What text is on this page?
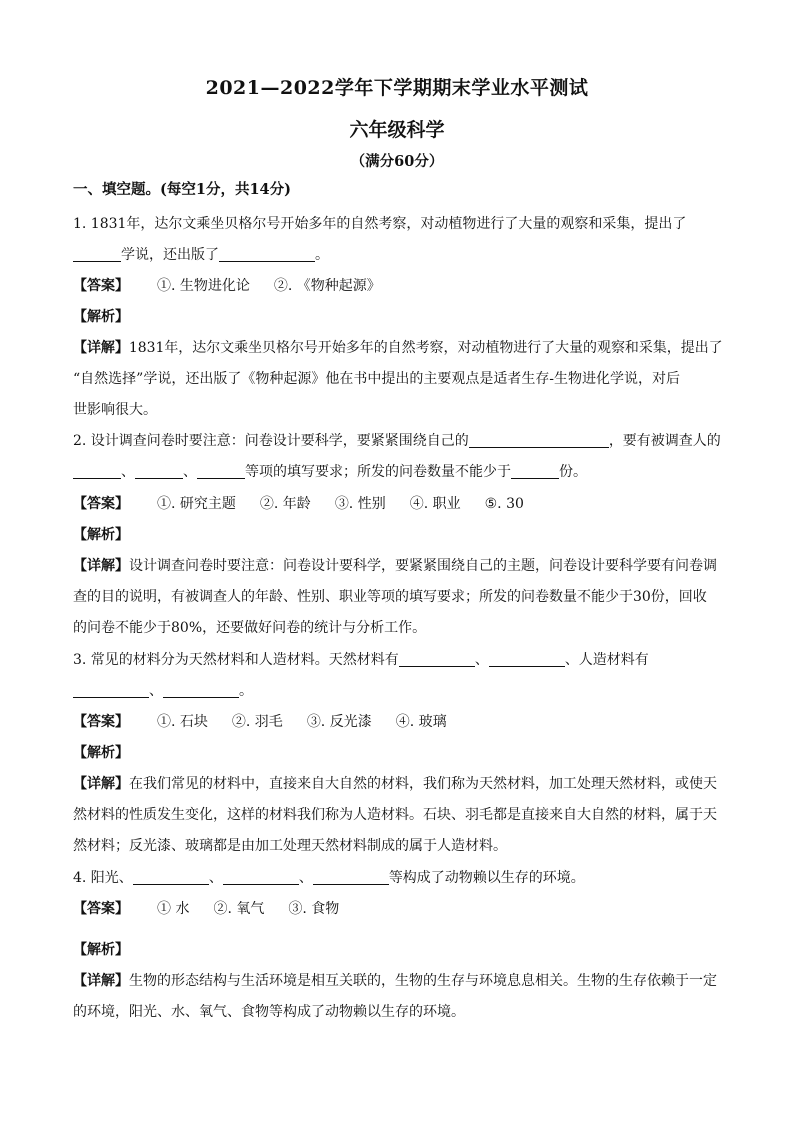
2021—2022学年下学期期末学业水平测试
六年级科学
（满分60分）
一、填空题。(每空1分，共14分)
1. 1831年，达尔文乘坐贝格尔号开始多年的自然考察，对动植物进行了大量的观察和采集，提出了
学说，还出版了	。
【答案】 ①. 生物进化论 ②. 《物种起源》
【解析】
【详解】1831年，达尔文乘坐贝格尔号开始多年的自然考察，对动植物进行了大量的观察和采集，提出了
“自然选择”学说，还出版了《物种起源》他在书中提出的主要观点是适者生存-生物进化学说，对后
世影响很大。
2. 设计调查问卷时要注意：问卷设计要科学，要紧紧围绕自己的	，要有被调查人的
、	、	等项的填写要求；所发的问卷数量不能少于	份。
【答案】 ①. 研究主题 ②. 年龄 ③. 性别 ④. 职业 ⑤. 30
【解析】
【详解】设计调查问卷时要注意：问卷设计要科学，要紧紧围绕自己的主题，问卷设计要科学要有问卷调
查的目的说明，有被调查人的年龄、性别、职业等项的填写要求；所发的问卷数量不能少于30份，回收
的问卷不能少于80%，还要做好问卷的统计与分析工作。
3. 常见的材料分为天然材料和人造材料。天然材料有	、	、人造材料有
、	。
【答案】 ①. 石块 ②. 羽毛 ③. 反光漆 ④. 玻璃
【解析】
【详解】在我们常见的材料中，直接来自大自然的材料，我们称为天然材料，加工处理天然材料，或使天
然材料的性质发生变化，这样的材料我们称为人造材料。石块、羽毛都是直接来自大自然的材料，属于天
然材料；反光漆、玻璃都是由加工处理天然材料制成的属于人造材料。
4. 阳光、	、	、	等构成了动物赖以生存的环境。
【答案】 ① 水 ②. 氧气 ③. 食物
【解析】
【详解】生物的形态结构与生活环境是相互关联的，生物的生存与环境息息相关。生物的生存依赖于一定
的环境，阳光、水、氧气、食物等构成了动物赖以生存的环境。
